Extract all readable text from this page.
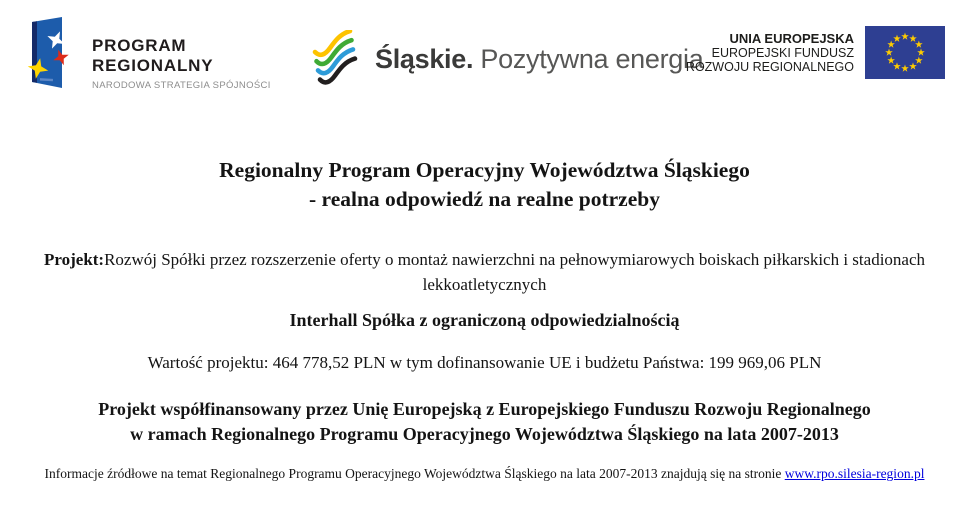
PROGRAM
REGIONALNY
NARODOWA STRATEGIA SPÓJNOŚCI
Śląskie. Pozytywna energia
UNIA EUROPEJSKA
EUROPEJSKI FUNDUSZ
ROZWOJU REGIONALNEGO
Regionalny Program Operacyjny Województwa Śląskiego
- realna odpowiedź na realne potrzeby

Projekt:Rozwój Spółki przez rozszerzenie oferty o montaż nawierzchni na pełnowymiarowych boiskach piłkarskich i stadionach lekkoatletycznych

Interhall Spółka z ograniczoną odpowiedzialnością

Wartość projektu: 464 778,52 PLN w tym dofinansowanie UE i budżetu Państwa: 199 969,06 PLN

Projekt współfinansowany przez Unię Europejską z Europejskiego Funduszu Rozwoju Regionalnego
w ramach Regionalnego Programu Operacyjnego Województwa Śląskiego na lata 2007-2013

Informacje źródłowe na temat Regionalnego Programu Operacyjnego Województwa Śląskiego na lata 2007-2013 znajdują się na stronie www.rpo.silesia-region.pl
